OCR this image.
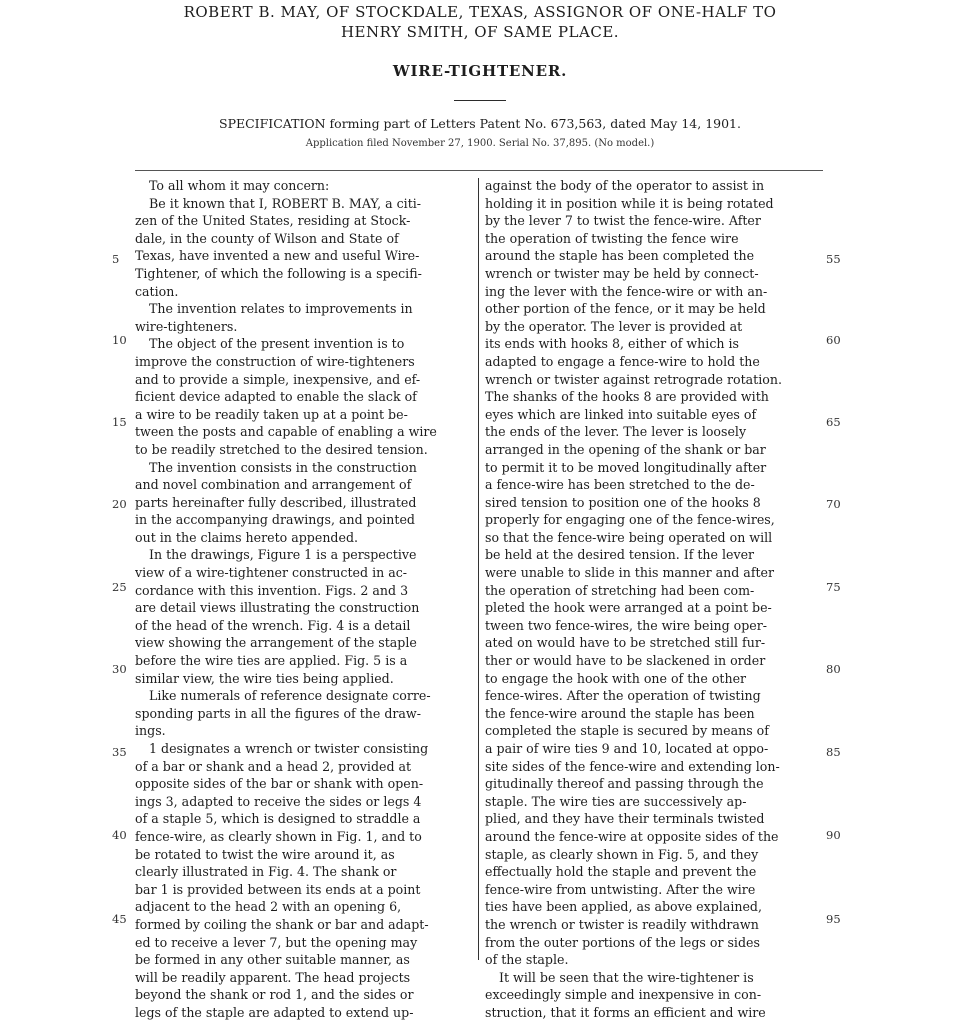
ROBERT B. MAY, OF STOCKDALE, TEXAS, ASSIGNOR OF ONE-HALF TO

HENRY SMITH, OF SAME PLACE.

WIRE-TIGHTENER.
SPECIFICATION forming part of Letters Patent No. 673,563, dated May 14, 1901.
Application filed November 27, 1900. Serial No. 37,895. (No model.)
To all whom it may concern:
Be it known that I, ROBERT B. MAY, a citi-
zen of the United States, residing at Stock-
dale, in the county of Wilson and State of
Texas, have invented a new and useful Wire-
Tightener, of which the following is a specifi-
cation.
The invention relates to improvements in
wire-tighteners.
The object of the present invention is to
improve the construction of wire-tighteners
and to provide a simple, inexpensive, and ef-
ficient device adapted to enable the slack of
a wire to be readily taken up at a point be-
tween the posts and capable of enabling a wire
to be readily stretched to the desired tension.
The invention consists in the construction
and novel combination and arrangement of
parts hereinafter fully described, illustrated
in the accompanying drawings, and pointed
out in the claims hereto appended.
In the drawings, Figure 1 is a perspective
view of a wire-tightener constructed in ac-
cordance with this invention. Figs. 2 and 3
are detail views illustrating the construction
of the head of the wrench. Fig. 4 is a detail
view showing the arrangement of the staple
before the wire ties are applied. Fig. 5 is a
similar view, the wire ties being applied.
Like numerals of reference designate corre-
sponding parts in all the figures of the draw-
ings.
1 designates a wrench or twister consisting
of a bar or shank and a head 2, provided at
opposite sides of the bar or shank with open-
ings 3, adapted to receive the sides or legs 4
of a staple 5, which is designed to straddle a
fence-wire, as clearly shown in Fig. 1, and to
be rotated to twist the wire around it, as
clearly illustrated in Fig. 4. The shank or
bar 1 is provided between its ends at a point
adjacent to the head 2 with an opening 6,
formed by coiling the shank or bar and adapt-
ed to receive a lever 7, but the opening may
be formed in any other suitable manner, as
will be readily apparent. The head projects
beyond the shank or rod 1, and the sides or
legs of the staple are adapted to extend up-
against the body of the operator to assist in
holding it in position while it is being rotated
by the lever 7 to twist the fence-wire. After
the operation of twisting the fence wire
around the staple has been completed the
wrench or twister may be held by connect-
ing the lever with the fence-wire or with an-
other portion of the fence, or it may be held
by the operator. The lever is provided at
its ends with hooks 8, either of which is
adapted to engage a fence-wire to hold the
wrench or twister against retrograde rotation.
The shanks of the hooks 8 are provided with
eyes which are linked into suitable eyes of
the ends of the lever. The lever is loosely
arranged in the opening of the shank or bar
to permit it to be moved longitudinally after
a fence-wire has been stretched to the de-
sired tension to position one of the hooks 8
properly for engaging one of the fence-wires,
so that the fence-wire being operated on will
be held at the desired tension. If the lever
were unable to slide in this manner and after
the operation of stretching had been com-
pleted the hook were arranged at a point be-
tween two fence-wires, the wire being oper-
ated on would have to be stretched still fur-
ther or would have to be slackened in order
to engage the hook with one of the other
fence-wires. After the operation of twisting
the fence-wire around the staple has been
completed the staple is secured by means of
a pair of wire ties 9 and 10, located at oppo-
site sides of the fence-wire and extending lon-
gitudinally thereof and passing through the
staple. The wire ties are successively ap-
plied, and they have their terminals twisted
around the fence-wire at opposite sides of the
staple, as clearly shown in Fig. 5, and they
effectually hold the staple and prevent the
fence-wire from untwisting. After the wire
ties have been applied, as above explained,
the wrench or twister is readily withdrawn
from the outer portions of the legs or sides
of the staple.
It will be seen that the wire-tightener is
exceedingly simple and inexpensive in con-
struction, that it forms an efficient and wire
5
10
15
20
25
30
35
40
45
55
60
65
70
75
80
85
90
95
